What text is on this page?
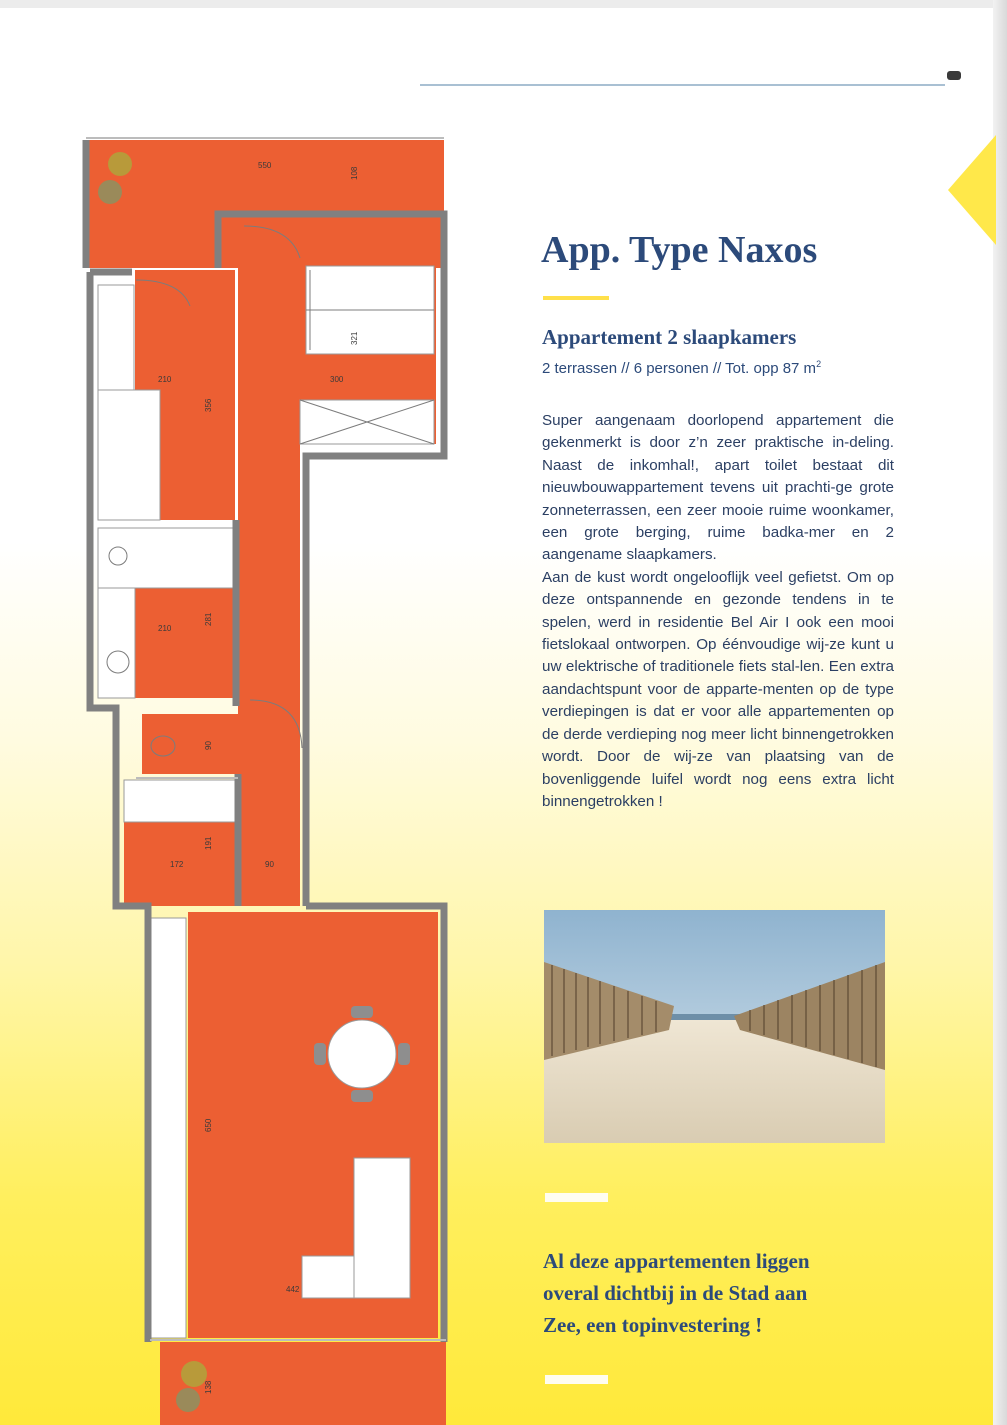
550
108
321
300
210
356
210
281
90
172
191
90
650
442
138
App. Type Naxos
Appartement 2 slaapkamers
2 terrassen // 6 personen // Tot. opp 87 $m^2$

Super aangenaam doorlopend appartement die gekenmerkt is door z’n zeer praktische in-deling. Naast de inkomhal!, apart toilet bestaat dit nieuwbouwappartement tevens uit prachti-ge grote zonneterrassen, een zeer mooie ruime woonkamer, een grote berging, ruime badka-mer en 2 aangename slaapkamers.

Aan de kust wordt ongelooflijk veel gefietst. Om op deze ontspannende en gezonde tendens in te spelen, werd in residentie Bel Air I ook een mooi fietslokaal ontworpen. Op éénvoudige wij-ze kunt u uw elektrische of traditionele fiets stal-len. Een extra aandachtspunt voor de apparte-menten op de type verdiepingen is dat er voor alle appartementen op de derde verdieping nog meer licht binnengetrokken wordt. Door de wij-ze van plaatsing van de bovenliggende luifel wordt nog eens extra licht binnengetrokken !

Al deze appartementen liggen
overal dichtbij in de Stad aan
Zee, een topinvestering !
